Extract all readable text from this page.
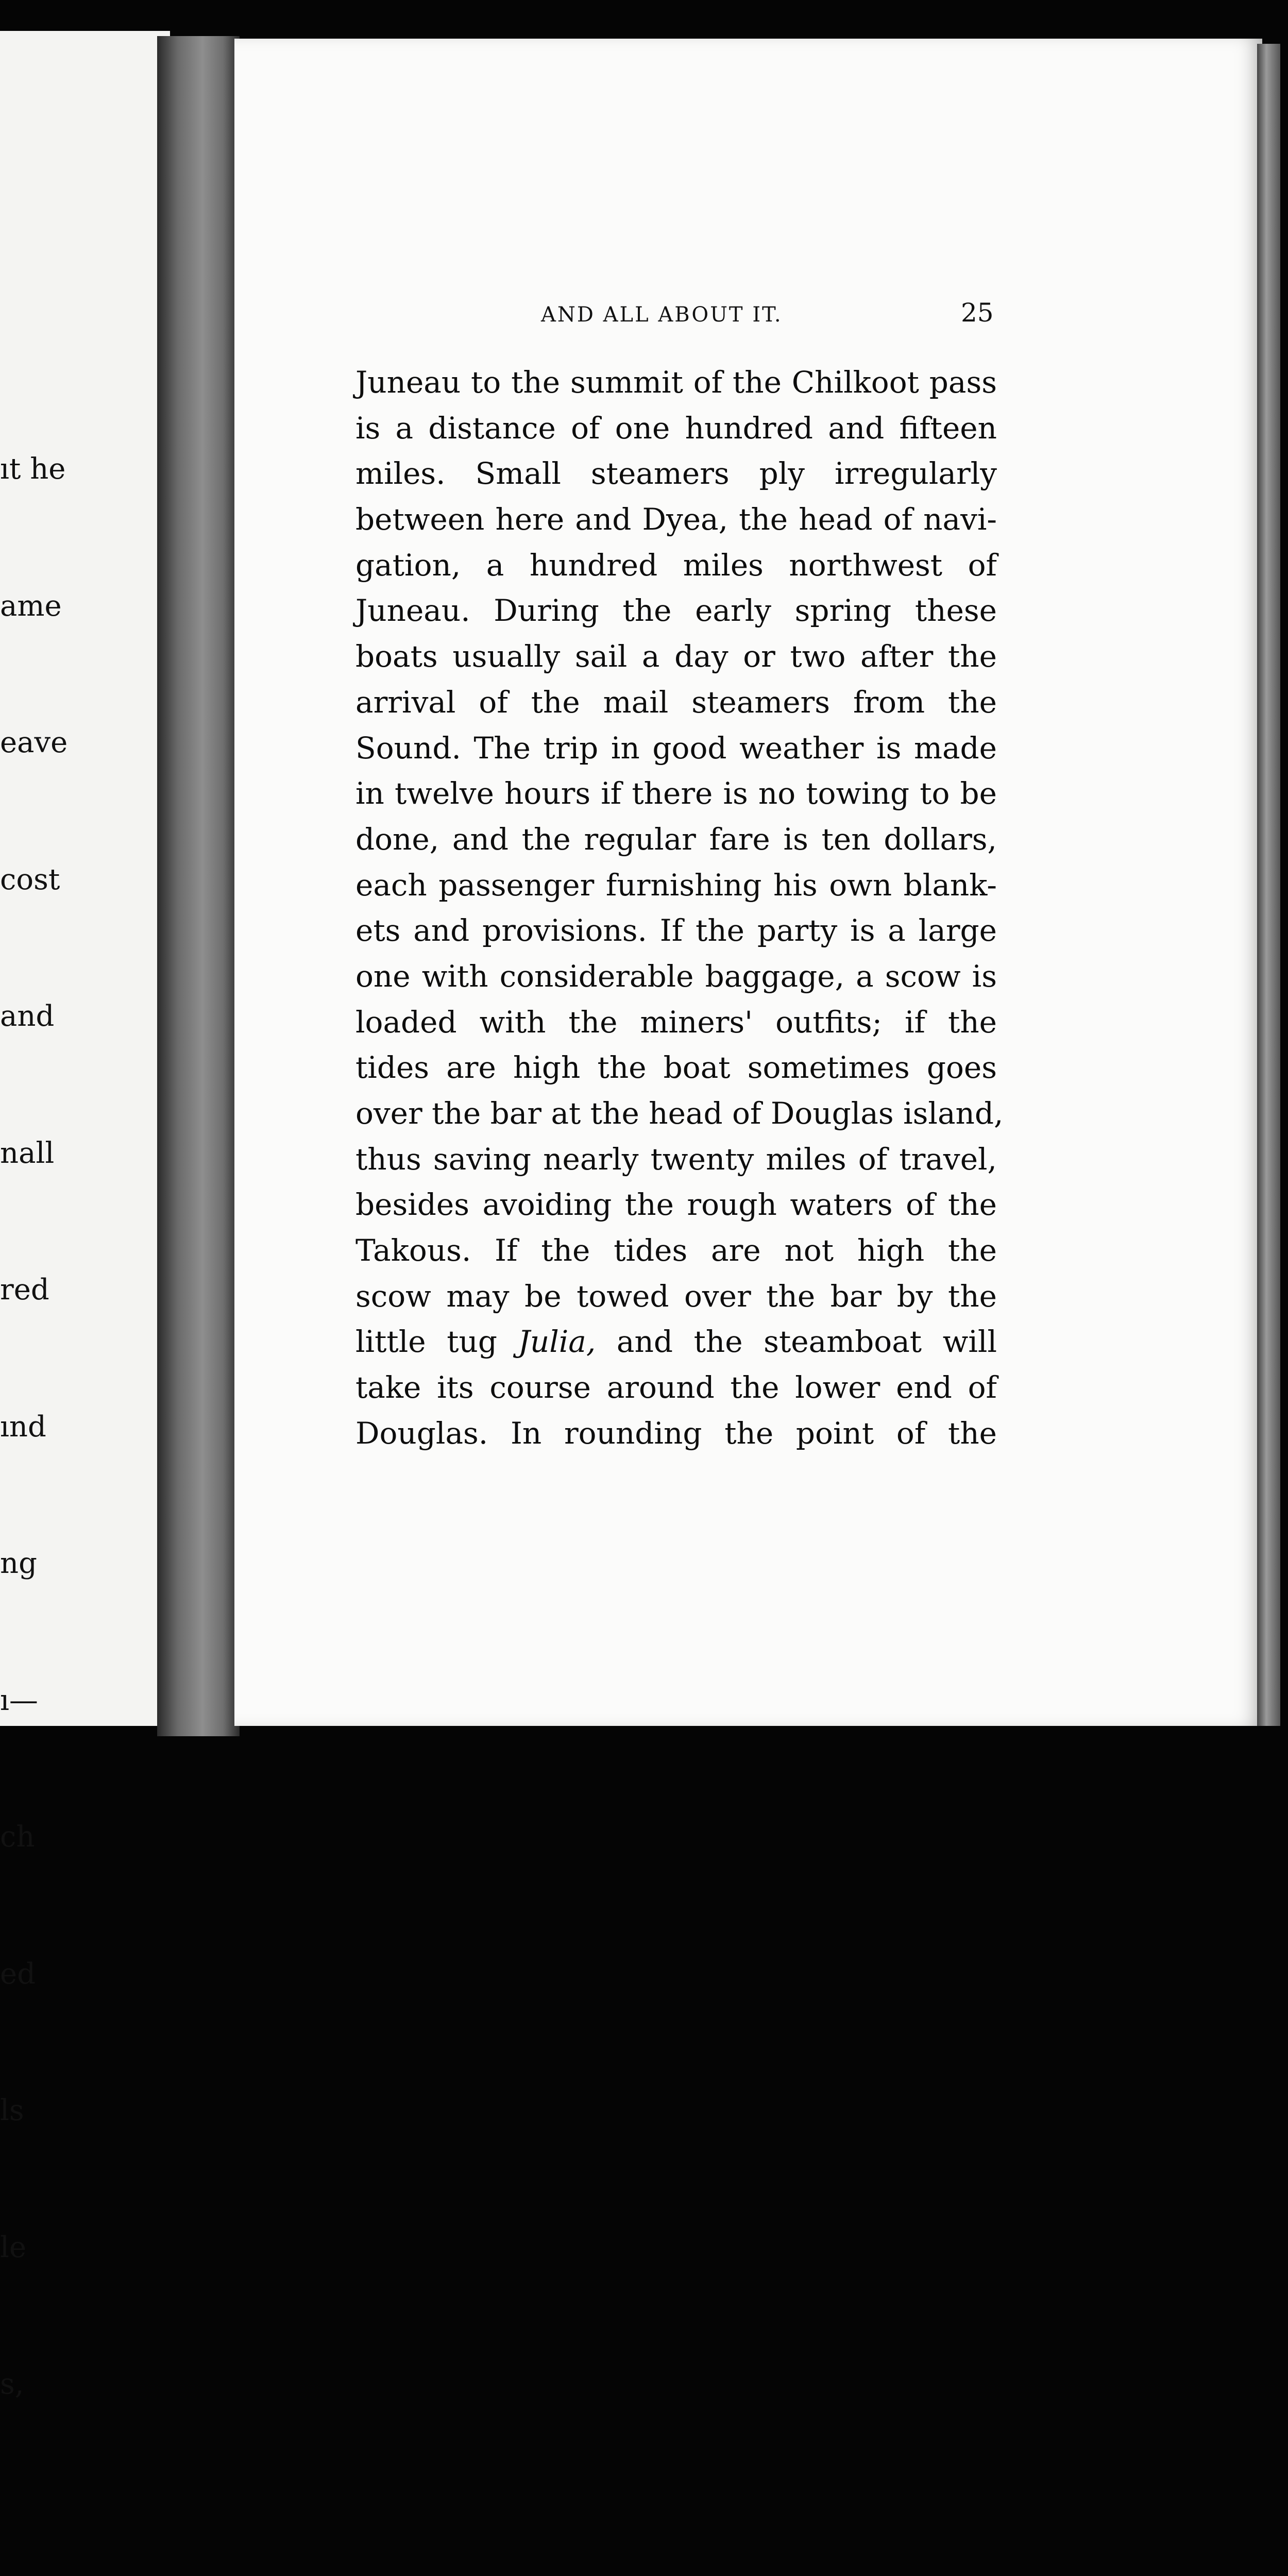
ıt he

ame

eave

cost

and

nall

red

ınd

ng

ı—

ch

ed

ls

le

s,

AND ALL ABOUT IT.	25
Juneau to the summit of the Chilkoot pass
is a distance of one hundred and fifteen
miles. Small steamers ply irregularly
between here and Dyea, the head of navi-
gation, a hundred miles northwest of
Juneau. During the early spring these
boats usually sail a day or two after the
arrival of the mail steamers from the
Sound. The trip in good weather is made
in twelve hours if there is no towing to be
done, and the regular fare is ten dollars,
each passenger furnishing his own blank-
ets and provisions. If the party is a large
one with considerable baggage, a scow is
loaded with the miners' outfits; if the
tides are high the boat sometimes goes
over the bar at the head of Douglas island,
thus saving nearly twenty miles of travel,
besides avoiding the rough waters of the
Takous. If the tides are not high the
scow may be towed over the bar by the
little tug Julia, and the steamboat will
take its course around the lower end of
Douglas. In rounding the point of the
